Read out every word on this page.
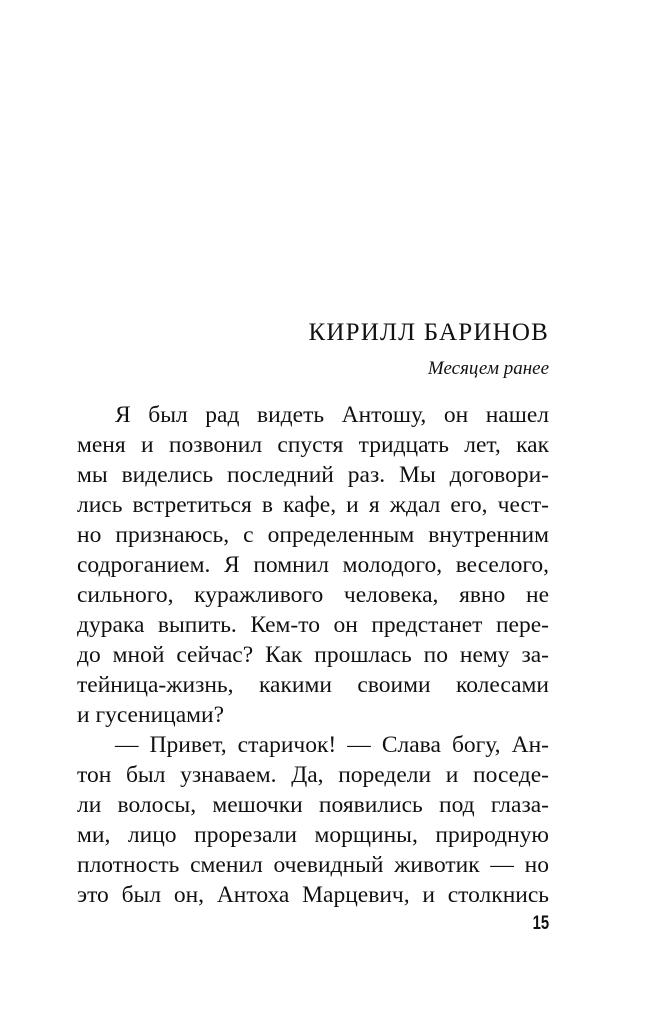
КИРИЛЛ БАРИНОВ
Месяцем ранее
Я был рад видеть Антошу, он нашел
меня и позвонил спустя тридцать лет, как
мы виделись последний раз. Мы договори-
лись встретиться в кафе, и я ждал его, чест-
но признаюсь, с определенным внутренним
содроганием. Я помнил молодого, веселого,
сильного, куражливого человека, явно не
дурака выпить. Кем-то он предстанет пере-
до мной сейчас? Как прошлась по нему за-
тейница-жизнь, какими своими колесами
и гусеницами?
— Привет, старичок! — Слава богу, Ан-
тон был узнаваем. Да, поредели и поседе-
ли волосы, мешочки появились под глаза-
ми, лицо прорезали морщины, природную
плотность сменил очевидный животик — но
это был он, Антоха Марцевич, и столкнись
15
